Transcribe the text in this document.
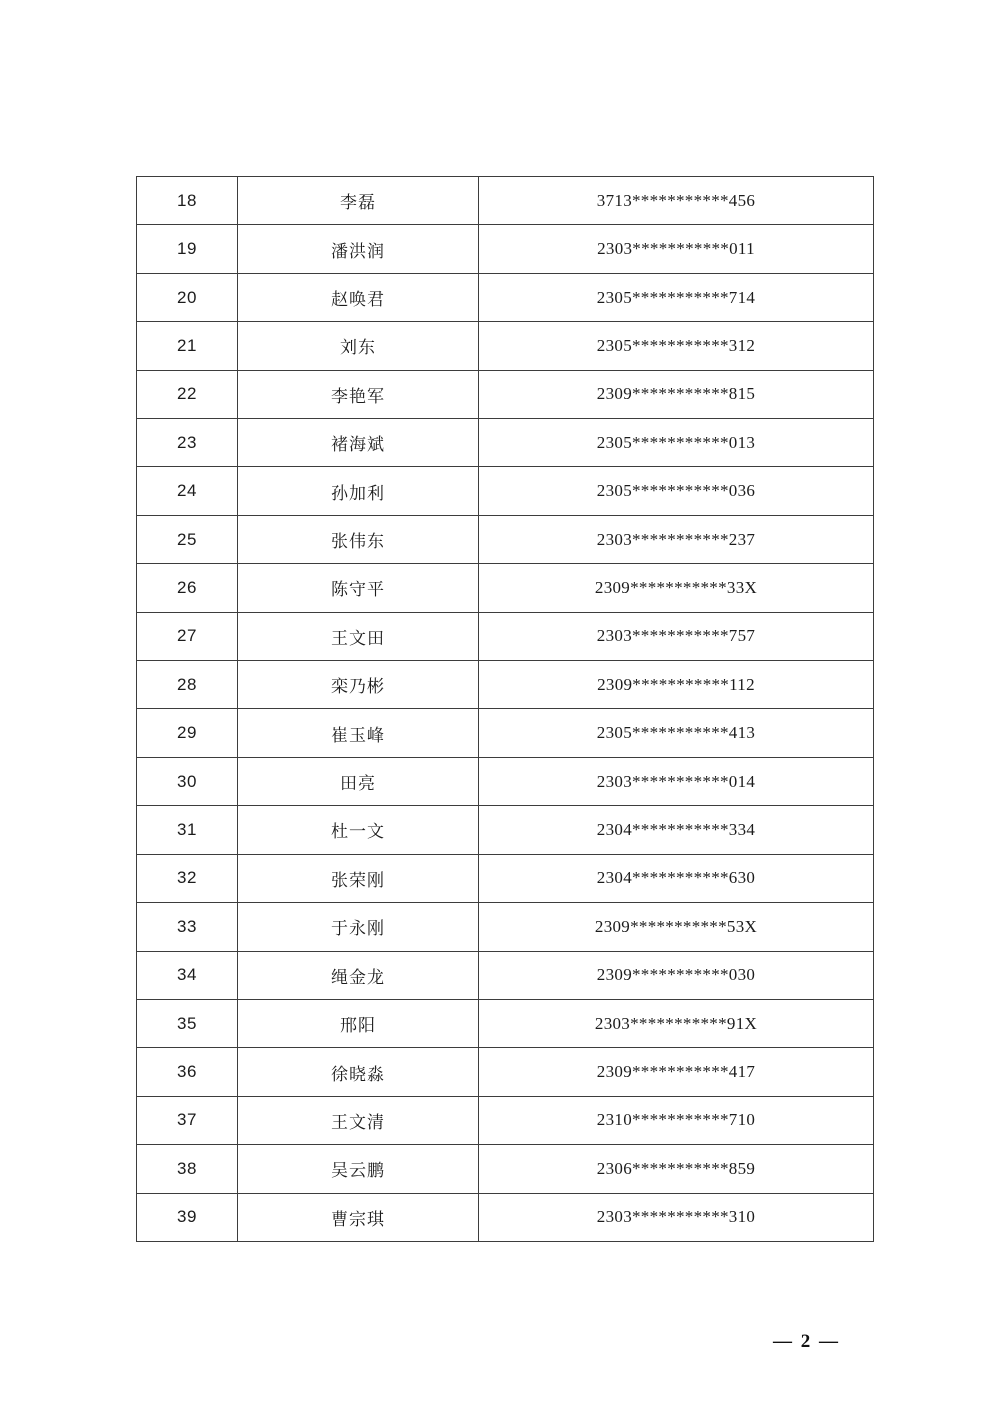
18	李磊	3713***********456
19	潘洪润	2303***********011
20	赵唤君	2305***********714
21	刘东	2305***********312
22	李艳军	2309***********815
23	褚海斌	2305***********013
24	孙加利	2305***********036
25	张伟东	2303***********237
26	陈守平	2309***********33X
27	王文田	2303***********757
28	栾乃彬	2309***********112
29	崔玉峰	2305***********413
30	田亮	2303***********014
31	杜一文	2304***********334
32	张荣刚	2304***********630
33	于永刚	2309***********53X
34	绳金龙	2309***********030
35	邢阳	2303***********91X
36	徐晓淼	2309***********417
37	王文清	2310***********710
38	吴云鹏	2306***********859
39	曹宗琪	2303***********310
— 2 —
